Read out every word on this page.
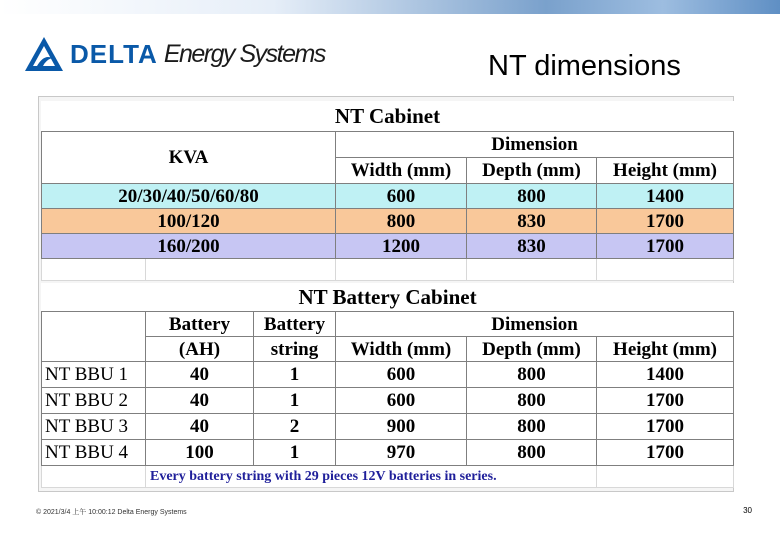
DELTA Energy Systems	NT dimensions
NT Cabinet				
KVA		Dimension		
		Width (mm)	Depth (mm)	Height (mm)
20/30/40/50/60/80		600	800	1400
100/120		800	830	1700
160/200		1200	830	1700

NT Battery Cabinet					
	Battery	Battery	Dimension		
	(AH)	string	Width (mm)	Depth (mm)	Height (mm)
NT BBU 1	40	1	600	800	1400
NT BBU 2	40	1	600	800	1700
NT BBU 3	40	2	900	800	1700
NT BBU 4	100	1	970	800	1700
	Every battery string with 29 pieces 12V batteries in series.				
© 2021/3/4 上午 10:00:12 Delta Energy Systems	30
